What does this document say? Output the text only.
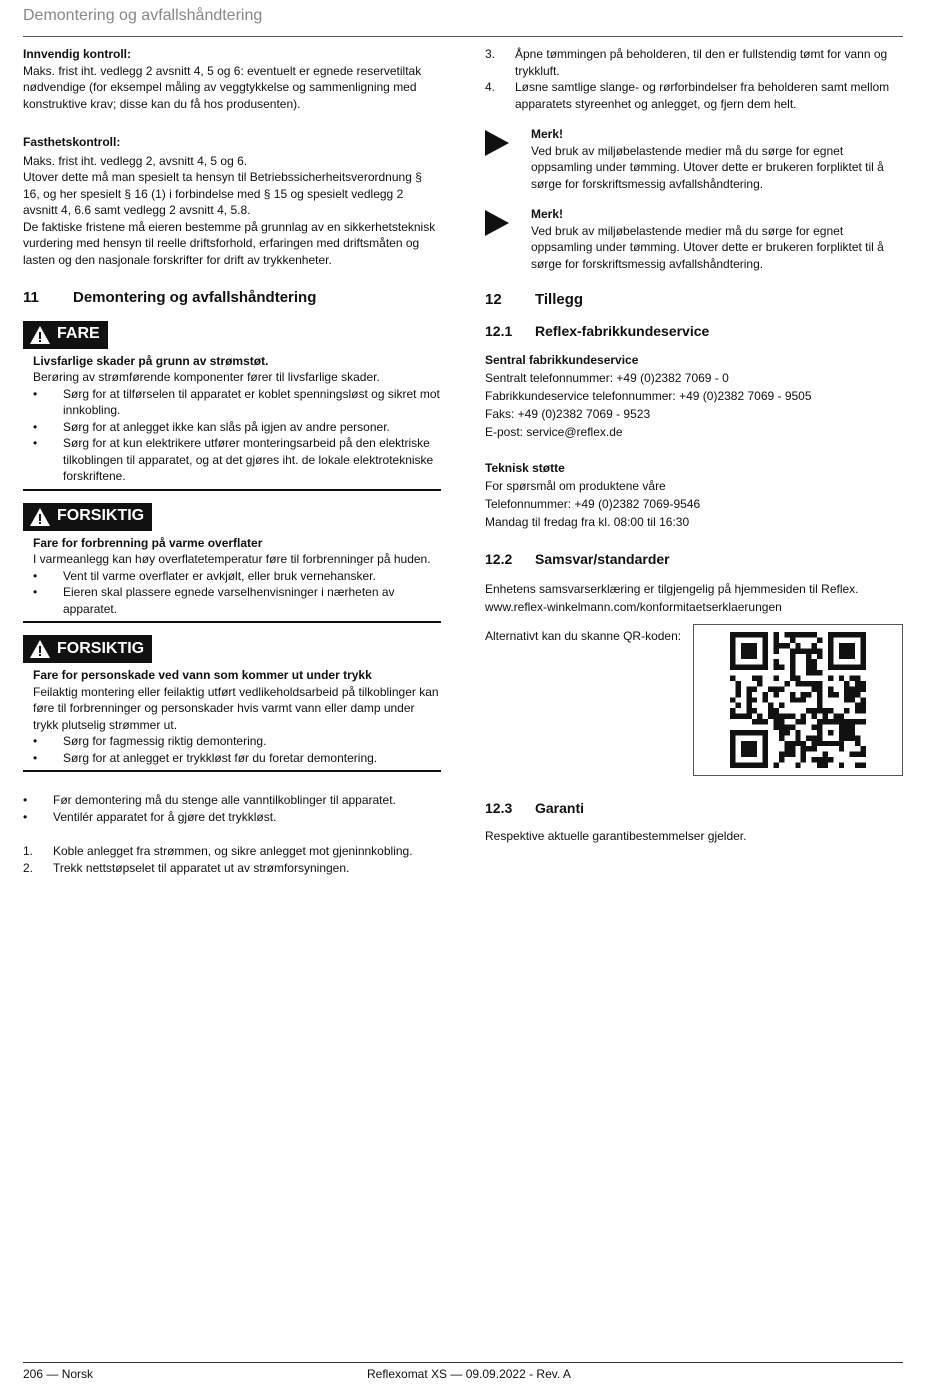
Demontering og avfallshåndtering

Innvendig kontroll:

Maks. frist iht. vedlegg 2 avsnitt 4, 5 og 6: eventuelt er egnede reservetiltak nødvendige (for eksempel måling av veggtykkelse og sammenligning med konstruktive krav; disse kan du få hos produsenten).

Fasthetskontroll:

Maks. frist iht. vedlegg 2, avsnitt 4, 5 og 6.

Utover dette må man spesielt ta hensyn til Betriebssicherheitsverordnung § 16, og her spesielt § 16 (1) i forbindelse med § 15 og spesielt vedlegg 2 avsnitt 4, 6.6 samt vedlegg 2 avsnitt 4, 5.8.

De faktiske fristene må eieren bestemme på grunnlag av en sikkerhetsteknisk vurdering med hensyn til reelle driftsforhold, erfaringen med driftsmåten og lasten og den nasjonale forskrifter for drift av trykkenheter.

11	Demontering og avfallshåndtering
FARE

Livsfarlige skader på grunn av strømstøt.

Berøring av strømførende komponenter fører til livsfarlige skader.

• Sørg for at tilførselen til apparatet er koblet spenningsløst og sikret mot innkobling.
• Sørg for at anlegget ikke kan slås på igjen av andre personer.
• Sørg for at kun elektrikere utfører monteringsarbeid på den elektriske tilkoblingen til apparatet, og at det gjøres iht. de lokale elektrotekniske forskriftene.
FORSIKTIG

Fare for forbrenning på varme overflater

I varmeanlegg kan høy overflatetemperatur føre til forbrenninger på huden.

• Vent til varme overflater er avkjølt, eller bruk vernehansker.
• Eieren skal plassere egnede varselhenvisninger i nærheten av apparatet.
FORSIKTIG

Fare for personskade ved vann som kommer ut under trykk

Feilaktig montering eller feilaktig utført vedlikeholdsarbeid på tilkoblinger kan føre til forbrenninger og personskader hvis varmt vann eller damp under trykk plutselig strømmer ut.

• Sørg for fagmessig riktig demontering.
• Sørg for at anlegget er trykkløst før du foretar demontering.
• Før demontering må du stenge alle vanntilkoblinger til apparatet.
• Ventilér apparatet for å gjøre det trykkløst.
1. Koble anlegget fra strømmen, og sikre anlegget mot gjeninnkobling.
2. Trekk nettstøpselet til apparatet ut av strømforsyningen.
3. Åpne tømmingen på beholderen, til den er fullstendig tømt for vann og trykkluft.
4. Løsne samtlige slange- og rørforbindelser fra beholderen samt mellom apparatets styreenhet og anlegget, og fjern dem helt.

Merk!

Ved bruk av miljøbelastende medier må du sørge for egnet oppsamling under tømming. Utover dette er brukeren forpliktet til å sørge for forskriftsmessig avfallshåndtering.

Merk!

Ved bruk av miljøbelastende medier må du sørge for egnet oppsamling under tømming. Utover dette er brukeren forpliktet til å sørge for forskriftsmessig avfallshåndtering.

12	Tillegg
12.1	Reflex-fabrikkundeservice

Sentral fabrikkundeservice

Sentralt telefonnummer: +49 (0)2382 7069 - 0

Fabrikkundeservice telefonnummer: +49 (0)2382 7069 - 9505

Faks: +49 (0)2382 7069 - 9523

E-post: service@reflex.de

Teknisk støtte

For spørsmål om produktene våre

Telefonnummer: +49 (0)2382 7069-9546

Mandag til fredag fra kl. 08:00 til 16:30

12.2	Samsvar/standarder

Enhetens samsvarserklæring er tilgjengelig på hjemmesiden til Reflex.

www.reflex-winkelmann.com/konformitaetserklaerungen

Alternativt kan du skanne QR-koden:

12.3	Garanti

Respektive aktuelle garantibestemmelser gjelder.

206 — Norsk	Reflexomat XS — 09.09.2022 - Rev. A
